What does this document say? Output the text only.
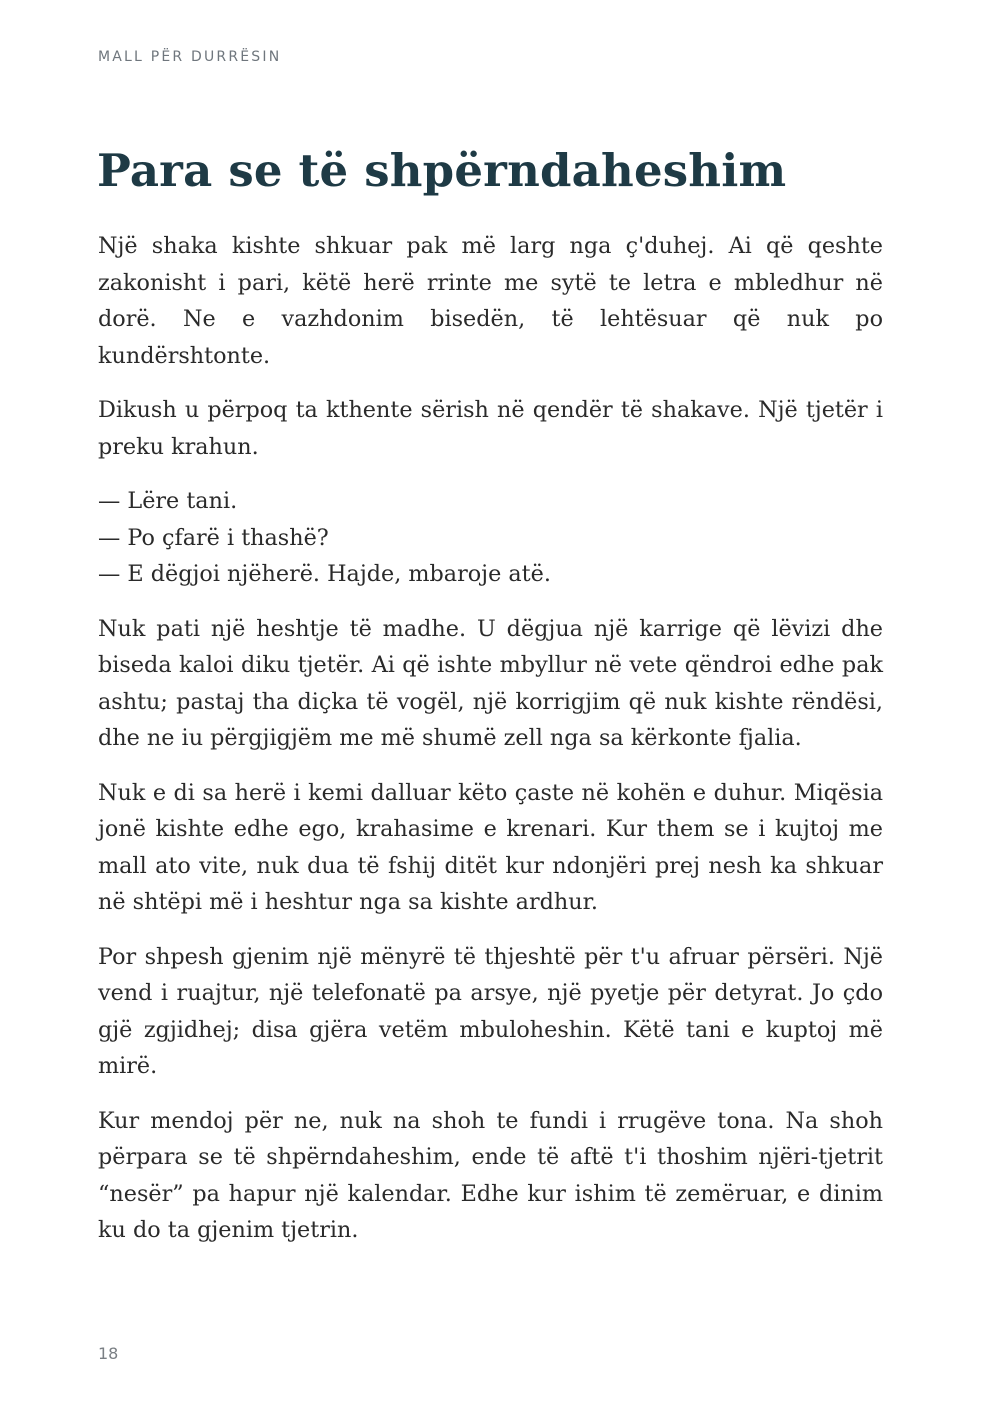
MALL PËR DURRËSIN
Para se të shpërndaheshim

Një shaka kishte shkuar pak më larg nga ç'duhej. Ai që qeshte zakonisht i pari, këtë herë rrinte me sytë te letra e mbledhur në dorë. Ne e vazhdonim bisedën, të lehtësuar që nuk po kundërshtonte.

Dikush u përpoq ta kthente sërish në qendër të shakave. Një tjetër i preku krahun.

— Lëre tani.
— Po çfarë i thashë?
— E dëgjoi njëherë. Hajde, mbaroje atë.

Nuk pati një heshtje të madhe. U dëgjua një karrige që lëvizi dhe biseda kaloi diku tjetër. Ai që ishte mbyllur në vete qëndroi edhe pak ashtu; pastaj tha diçka të vogël, një korrigjim që nuk kishte rëndësi, dhe ne iu përgjigjëm me më shumë zell nga sa kërkonte fjalia.

Nuk e di sa herë i kemi dalluar këto çaste në kohën e duhur. Miqësia jonë kishte edhe ego, krahasime e krenari. Kur them se i kujtoj me mall ato vite, nuk dua të fshij ditët kur ndonjëri prej nesh ka shkuar në shtëpi më i heshtur nga sa kishte ardhur.

Por shpesh gjenim një mënyrë të thjeshtë për t'u afruar përsëri. Një vend i ruajtur, një telefonatë pa arsye, një pyetje për detyrat. Jo çdo gjë zgjidhej; disa gjëra vetëm mbuloheshin. Këtë tani e kuptoj më mirë.

Kur mendoj për ne, nuk na shoh te fundi i rrugëve tona. Na shoh përpara se të shpërndaheshim, ende të aftë t'i thoshim njëri-tjetrit “nesër” pa hapur një kalendar. Edhe kur ishim të zemëruar, e dinim ku do ta gjenim tjetrin.

18
